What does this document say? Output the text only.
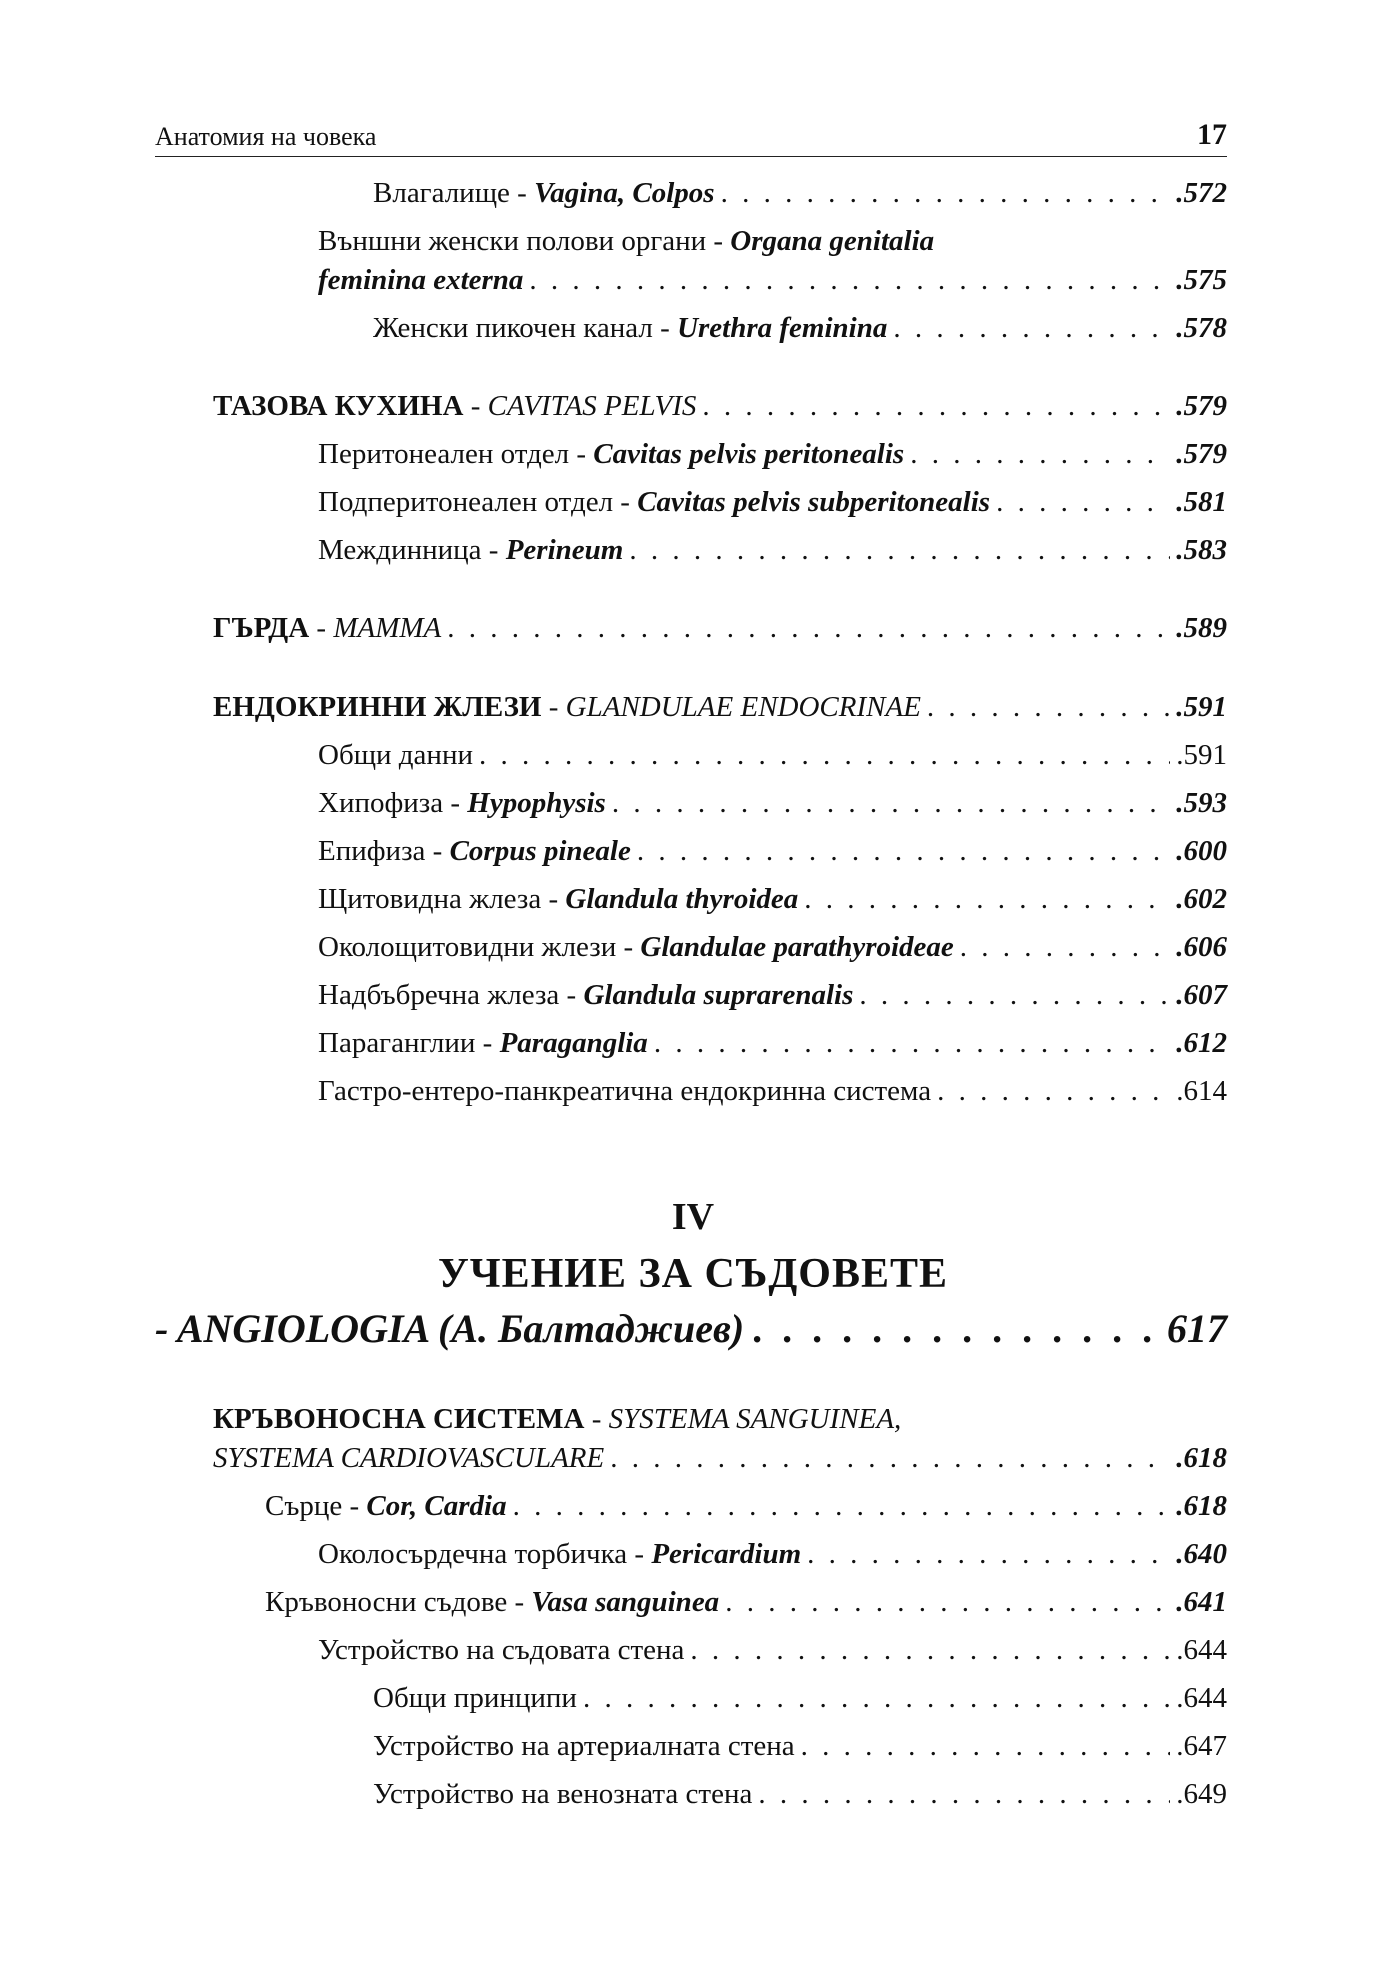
Анатомия на човека	17
Влагалище - Vagina, Colpos . . .	.572
Външни женски полови органи - Organa genitalia
feminina externa . . .	.575
Женски пикочен канал - Urethra feminina . . .	.578
ТАЗОВА КУХИНА - CAVITAS PELVIS . . .	.579
Перитонеален отдел - Cavitas pelvis peritonealis . . .	.579
Подперитонеален отдел - Cavitas pelvis subperitonealis . . .	.581
Междинница - Perineum . . .	.583
ГЪРДА - MAMMA . . .	.589
ЕНДОКРИННИ ЖЛЕЗИ - GLANDULAE ENDOCRINAE . . .	.591
Общи данни . . .	.591
Хипофиза - Hypophysis . . .	.593
Епифиза - Corpus pineale . . .	.600
Щитовидна жлеза - Glandula thyroidea . . .	.602
Околощитовидни жлези - Glandulae parathyroideae . . .	.606
Надбъбречна жлеза - Glandula suprarenalis . . .	.607
Параганглии - Paraganglia . . .	.612
Гастро-ентеро-панкреатична ендокринна система . . .	.614
IV
УЧЕНИЕ ЗА СЪДОВЕТЕ
- ANGIOLOGIA (А. Балтаджиев) . . .	617
КРЪВОНОСНА СИСТЕМА - SYSTEMA SANGUINEA,
SYSTEMA CARDIOVASCULARE . . .	.618
Сърце - Cor, Cardia . . .	.618
Околосърдечна торбичка - Pericardium . . .	.640
Кръвоносни съдове - Vasa sanguinea . . .	.641
Устройство на съдовата стена . . .	.644
Общи принципи . . .	.644
Устройство на артериалната стена . . .	.647
Устройство на венозната стена . . .	.649
